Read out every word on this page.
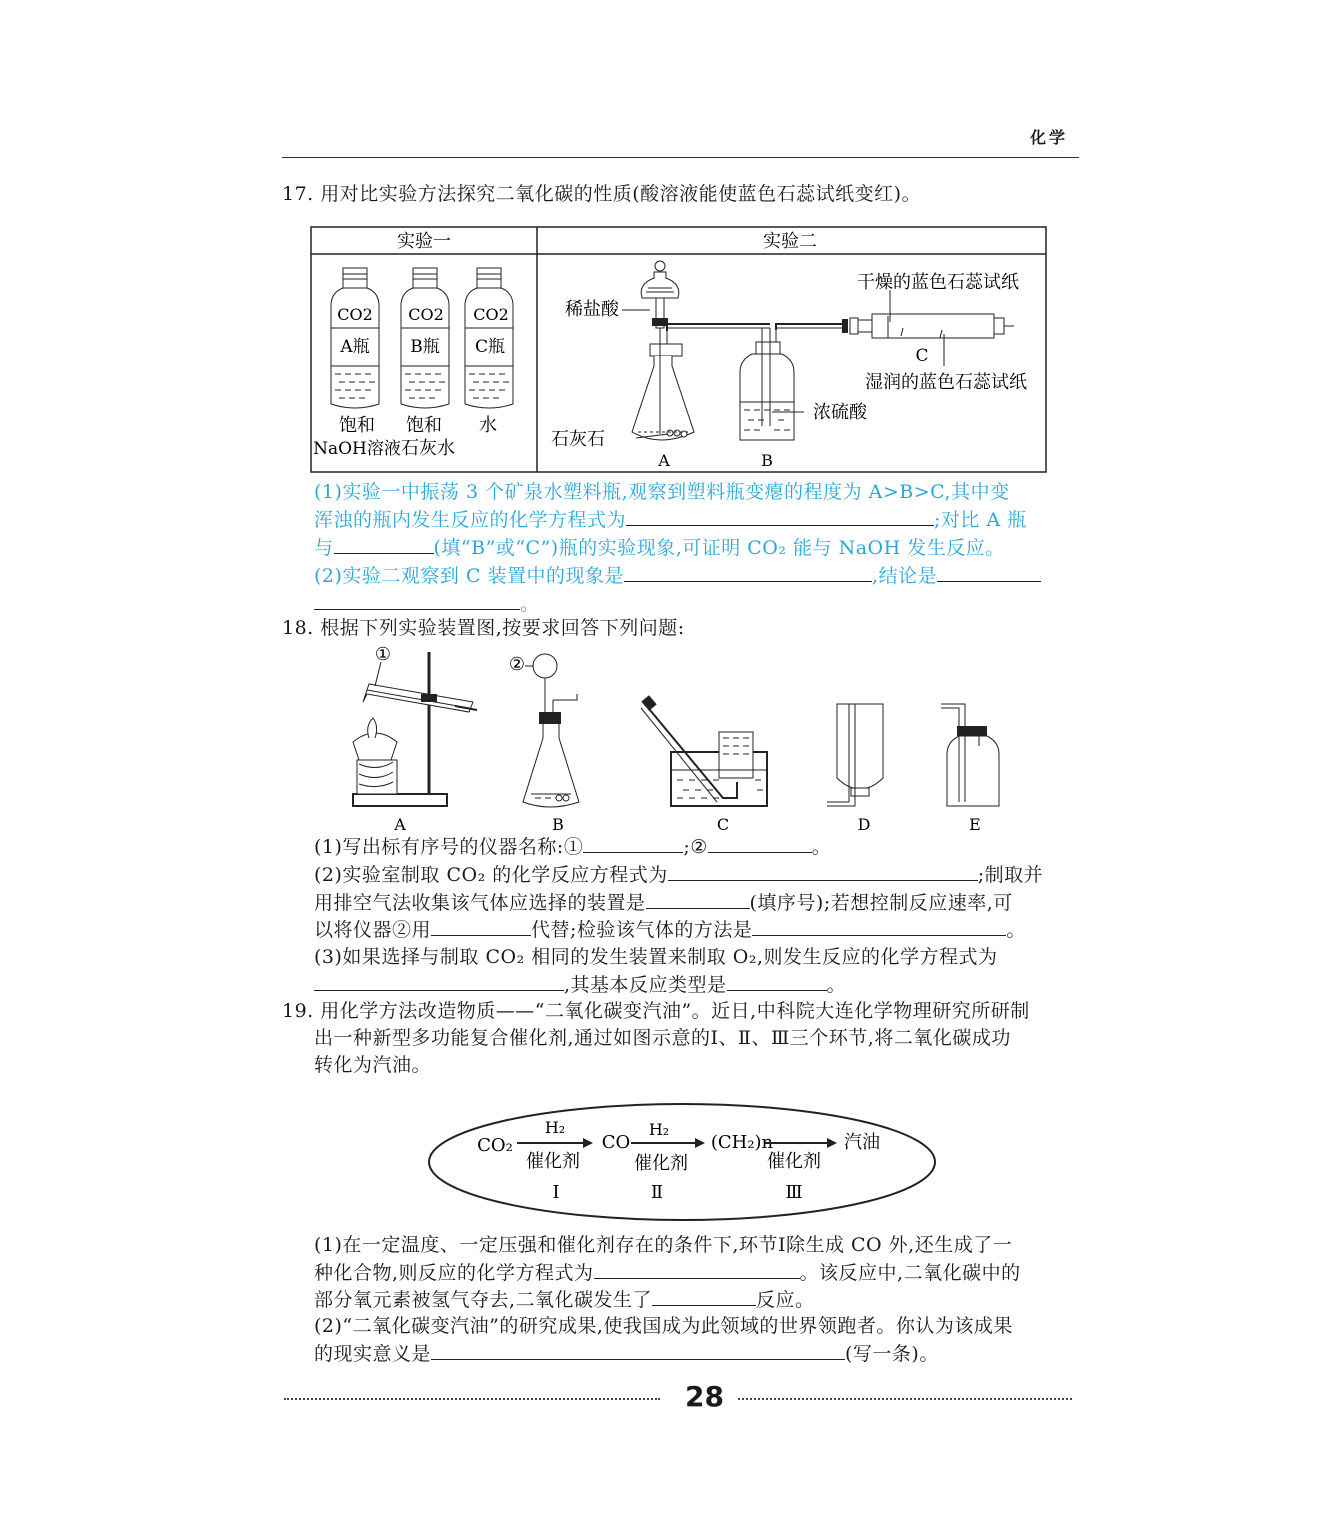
化学
17. 用对比实验方法探究二氧化碳的性质(酸溶液能使蓝色石蕊试纸变红)。
实验一	实验二
CO2
A瓶
饱和
NaOH溶液
CO2
B瓶
饱和
石灰水
CO2
C瓶
水
稀盐酸
石灰石
A
浓硫酸
B
干燥的蓝色石蕊试纸
C
湿润的蓝色石蕊试纸
(1)实验一中振荡 3 个矿泉水塑料瓶,观察到塑料瓶变瘪的程度为 A>B>C,其中变
浑浊的瓶内发生反应的化学方程式为	;对比 A 瓶
与	(填“B”或“C”)瓶的实验现象,可证明 CO₂ 能与 NaOH 发生反应。
(2)实验二观察到 C 装置中的现象是	,结论是
。
18. 根据下列实验装置图,按要求回答下列问题:
①	②
A	B	C	D	E
(1)写出标有序号的仪器名称:①	;②	。
(2)实验室制取 CO₂ 的化学反应方程式为	;制取并
用排空气法收集该气体应选择的装置是	(填序号);若想控制反应速率,可
以将仪器②用	代替;检验该气体的方法是	。
(3)如果选择与制取 CO₂ 相同的发生装置来制取 O₂,则发生反应的化学方程式为
,其基本反应类型是	。
19. 用化学方法改造物质——“二氧化碳变汽油”。近日,中科院大连化学物理研究所研制
出一种新型多功能复合催化剂,通过如图示意的Ⅰ、Ⅱ、Ⅲ三个环节,将二氧化碳成功
转化为汽油。
CO₂	CO	(CH₂)n	汽油
H₂	H₂
催化剂	催化剂	催化剂
Ⅰ	Ⅱ	Ⅲ
(1)在一定温度、一定压强和催化剂存在的条件下,环节Ⅰ除生成 CO 外,还生成了一
种化合物,则反应的化学方程式为	。该反应中,二氧化碳中的
部分氧元素被氢气夺去,二氧化碳发生了	反应。
(2)“二氧化碳变汽油”的研究成果,使我国成为此领域的世界领跑者。你认为该成果
的现实意义是	(写一条)。
28
